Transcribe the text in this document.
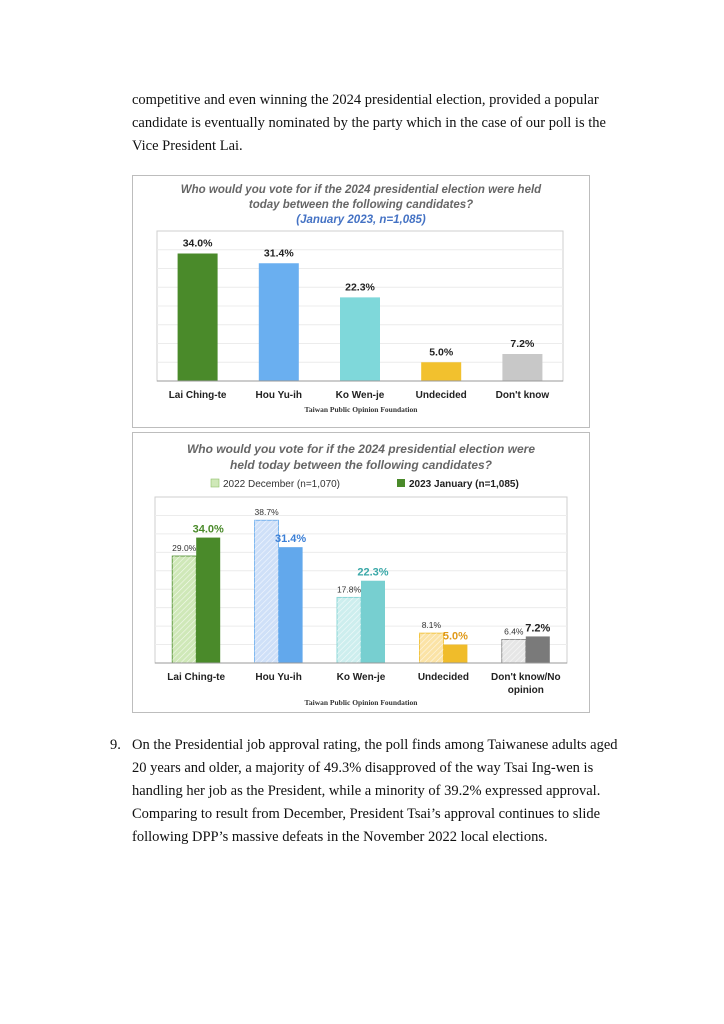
competitive and even winning the 2024 presidential election, provided a popular candidate is eventually nominated by the party which in the case of our poll is the Vice President Lai.

Who would you vote for if the 2024 presidential election were held
today between the following candidates?
(January 2023, n=1,085)
34.0%
31.4%
22.3%
5.0%
7.2%
Lai Ching-te	Hou Yu-ih	Ko Wen-je	Undecided	Don't know
Taiwan Public Opinion Foundation
Who would you vote for if the 2024 presidential election were
held today between the following candidates?
2022 December (n=1,070)	2023 January (n=1,085)
29.0%
34.0%
38.7%
31.4%
17.8%
22.3%
8.1%
5.0%	6.4% 7.2%
Lai Ching-te	Hou Yu-ih	Ko Wen-je	Undecided Don't know/No
opinion
Taiwan Public Opinion Foundation
9. On the Presidential job approval rating, the poll finds among Taiwanese adults aged 20 years and older, a majority of 49.3% disapproved of the way Tsai Ing-wen is handling her job as the President, while a minority of 39.2% expressed approval. Comparing to result from December, President Tsai’s approval continues to slide following DPP’s massive defeats in the November 2022 local elections.
